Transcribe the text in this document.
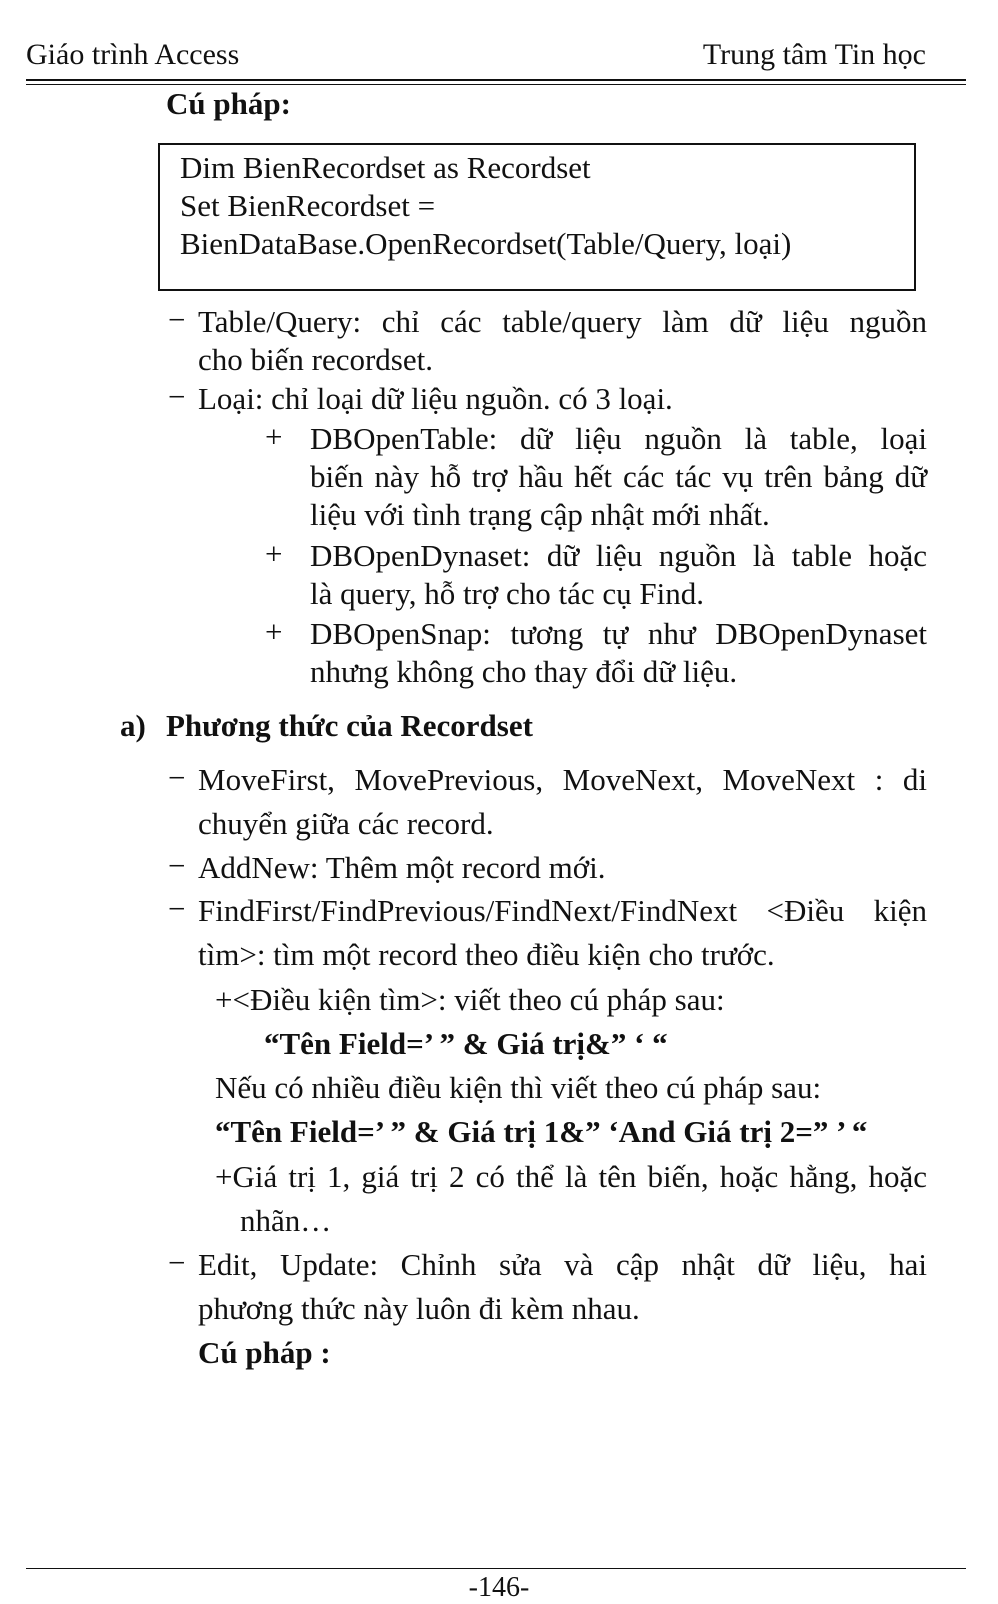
Giáo trình Access	Trung tâm Tin học
Cú pháp:
Dim BienRecordset as Recordset
Set BienRecordset =
BienDataBase.OpenRecordset(Table/Query, loại)
− Table/Query: chỉ các table/query làm dữ liệu nguồn
cho biến recordset.
− Loại: chỉ loại dữ liệu nguồn. có 3 loại.
+ DBOpenTable: dữ liệu nguồn là table, loại
biến này hỗ trợ hầu hết các tác vụ trên bảng dữ
liệu với tình trạng cập nhật mới nhất.
+ DBOpenDynaset: dữ liệu nguồn là table hoặc
là query, hỗ trợ cho tác cụ Find.
+ DBOpenSnap: tương tự như DBOpenDynaset
nhưng không cho thay đổi dữ liệu.
a) Phương thức của Recordset
− MoveFirst, MovePrevious, MoveNext, MoveNext : di
chuyển giữa các record.
− AddNew: Thêm một record mới.
− FindFirst/FindPrevious/FindNext/FindNext <Điều kiện
tìm>: tìm một record theo điều kiện cho trước.
+<Điều kiện tìm>: viết theo cú pháp sau:
“Tên Field=’ ” & Giá trị&” ‘ “
Nếu có nhiều điều kiện thì viết theo cú pháp sau:
“Tên Field=’ ” & Giá trị 1&” ‘And Giá trị 2=” ’ “
+Giá trị 1, giá trị 2 có thể là tên biến, hoặc hằng, hoặc
nhãn…
− Edit, Update: Chỉnh sửa và cập nhật dữ liệu, hai
phương thức này luôn đi kèm nhau.
Cú pháp :
-146-
